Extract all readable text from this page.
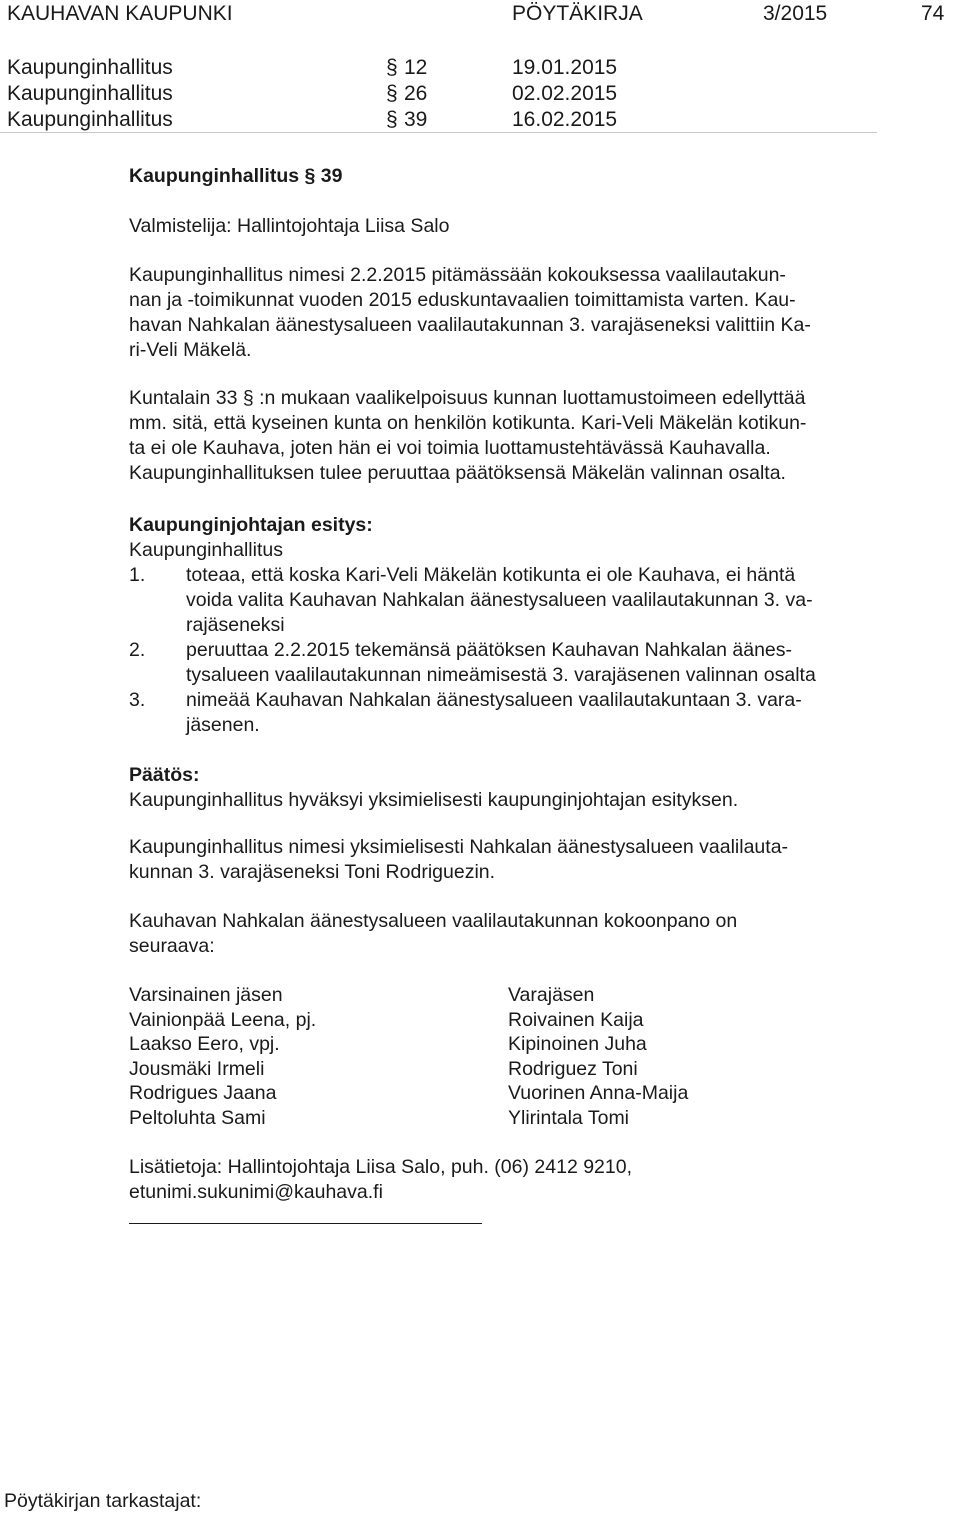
KAUHAVAN KAUPUNKI	PÖYTÄKIRJA	3/2015	74
Kaupunginhallitus	§ 12	19.01.2015
Kaupunginhallitus	§ 26	02.02.2015
Kaupunginhallitus	§ 39	16.02.2015
Kaupunginhallitus § 39
Valmistelija: Hallintojohtaja Liisa Salo
Kaupunginhallitus nimesi 2.2.2015 pitämässään kokouksessa vaalilautakun-
nan ja -toimikunnat vuoden 2015 eduskuntavaalien toimittamista varten. Kau-
havan Nahkalan äänestysalueen vaalilautakunnan 3. varajäseneksi valittiin Ka-
ri-Veli Mäkelä.
Kuntalain 33 § :n mukaan vaalikelpoisuus kunnan luottamustoimeen edellyttää
mm. sitä, että kyseinen kunta on henkilön kotikunta. Kari-Veli Mäkelän kotikun-
ta ei ole Kauhava, joten hän ei voi toimia luottamustehtävässä Kauhavalla.
Kaupunginhallituksen tulee peruuttaa päätöksensä Mäkelän valinnan osalta.
Kaupunginjohtajan esitys:
Kaupunginhallitus
1. toteaa, että koska Kari-Veli Mäkelän kotikunta ei ole Kauhava, ei häntä
voida valita Kauhavan Nahkalan äänestysalueen vaalilautakunnan 3. va-
rajäseneksi
2. peruuttaa 2.2.2015 tekemänsä päätöksen Kauhavan Nahkalan äänes-
tysalueen vaalilautakunnan nimeämisestä 3. varajäsenen valinnan osalta
3. nimeää Kauhavan Nahkalan äänestysalueen vaalilautakuntaan 3. vara-
jäsenen.
Päätös:
Kaupunginhallitus hyväksyi yksimielisesti kaupunginjohtajan esityksen.
Kaupunginhallitus nimesi yksimielisesti Nahkalan äänestysalueen vaalilauta-
kunnan 3. varajäseneksi Toni Rodriguezin.
Kauhavan Nahkalan äänestysalueen vaalilautakunnan kokoonpano on
seuraava:
Varsinainen jäsen	Varajäsen
Vainionpää Leena, pj.	Roivainen Kaija
Laakso Eero, vpj.	Kipinoinen Juha
Jousmäki Irmeli	Rodriguez Toni
Rodrigues Jaana	Vuorinen Anna-Maija
Peltoluhta Sami	Ylirintala Tomi
Lisätietoja: Hallintojohtaja Liisa Salo, puh. (06) 2412 9210,
etunimi.sukunimi@kauhava.fi
Pöytäkirjan tarkastajat:
